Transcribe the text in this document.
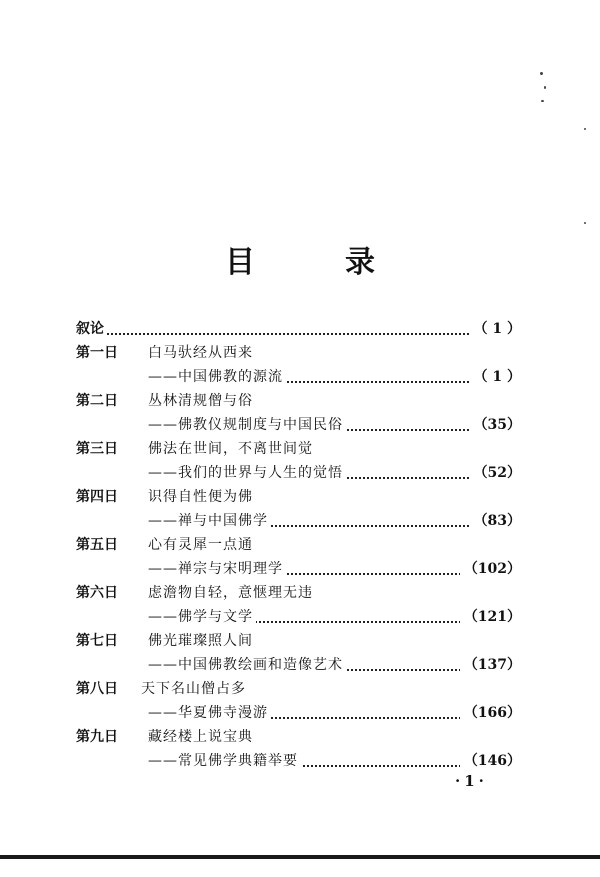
目　录
叙论	（ 1 ）
第一日 白马驮经从西来
——中国佛教的源流	（ 1 ）
第二日 丛林清规僧与俗
——佛教仪规制度与中国民俗	（35）
第三日 佛法在世间，不离世间觉
——我们的世界与人生的觉悟	（52）
第四日 识得自性便为佛
——禅与中国佛学	（83）
第五日 心有灵犀一点通
——禅宗与宋明理学	（102）
第六日 虑澹物自轻，意惬理无违
——佛学与文学	（121）
第七日 佛光璀璨照人间
——中国佛教绘画和造像艺术	（137）
第八日 天下名山僧占多
——华夏佛寺漫游	（166）
第九日 藏经楼上说宝典
——常见佛学典籍举要	（146）
·1·
